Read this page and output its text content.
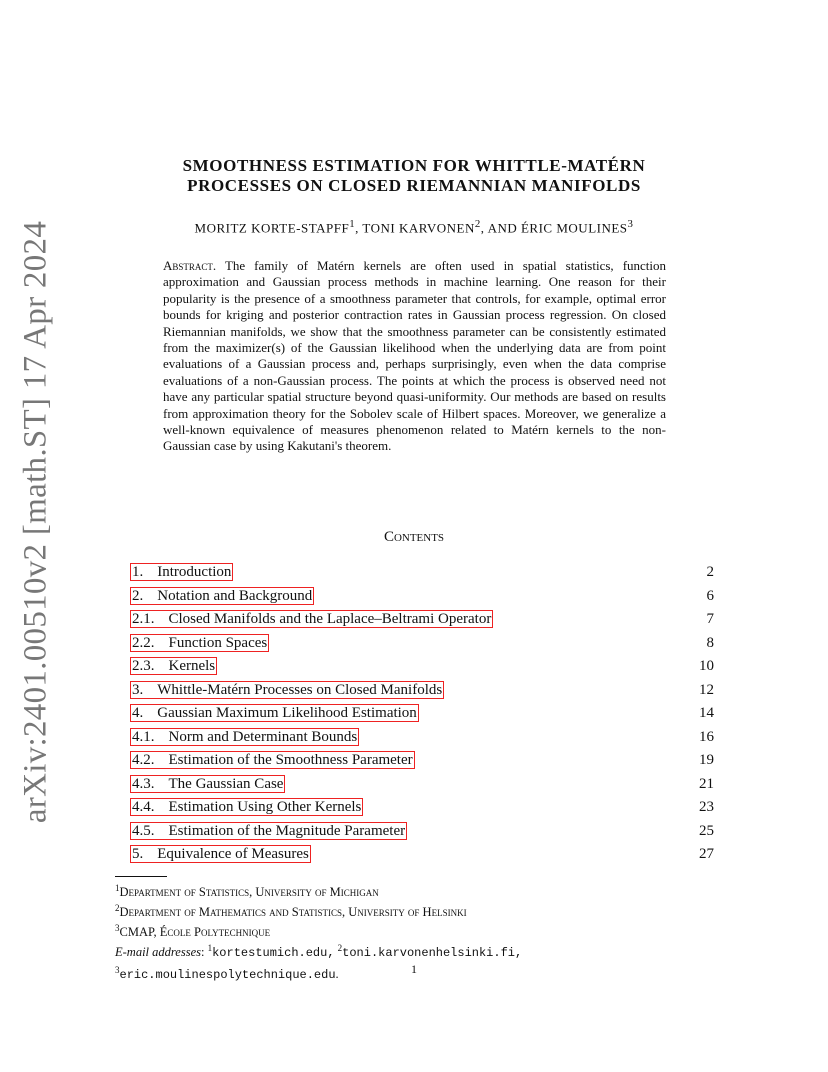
arXiv:2401.00510v2 [math.ST] 17 Apr 2024
SMOOTHNESS ESTIMATION FOR WHITTLE-MATÉRN
PROCESSES ON CLOSED RIEMANNIAN MANIFOLDS
MORITZ KORTE-STAPFF$^1$, TONI KARVONEN$^2$, AND ÉRIC MOULINES$^3$
Abstract. The family of Matérn kernels are often used in spatial statistics, function approximation and Gaussian process methods in machine learning. One reason for their popularity is the presence of a smoothness parameter that controls, for example, optimal error bounds for kriging and posterior contraction rates in Gaussian process regression. On closed Riemannian manifolds, we show that the smoothness parameter can be consistently estimated from the maximizer(s) of the Gaussian likelihood when the underlying data are from point evaluations of a Gaussian process and, perhaps surprisingly, even when the data comprise evaluations of a non-Gaussian process. The points at which the process is observed need not have any particular spatial structure beyond quasi-uniformity. Our methods are based on results from approximation theory for the Sobolev scale of Hilbert spaces. Moreover, we generalize a well-known equivalence of measures phenomenon related to Matérn kernels to the non-Gaussian case by using Kakutani's theorem.
Contents
1. Introduction	2
2. Notation and Background	6
2.1. Closed Manifolds and the Laplace–Beltrami Operator	7
2.2. Function Spaces	8
2.3. Kernels	10
3. Whittle-Matérn Processes on Closed Manifolds	12
4. Gaussian Maximum Likelihood Estimation	14
4.1. Norm and Determinant Bounds	16
4.2. Estimation of the Smoothness Parameter	19
4.3. The Gaussian Case	21
4.4. Estimation Using Other Kernels	23
4.5. Estimation of the Magnitude Parameter	25
5. Equivalence of Measures	27
$^1$Department of Statistics, University of Michigan
$^2$Department of Mathematics and Statistics, University of Helsinki
$^3$CMAP, École Polytechnique
E-mail addresses: $^1$kortestumich.edu, $^2$toni.karvonenhelsinki.fi,
$^3$eric.moulinespolytechnique.edu.	1
